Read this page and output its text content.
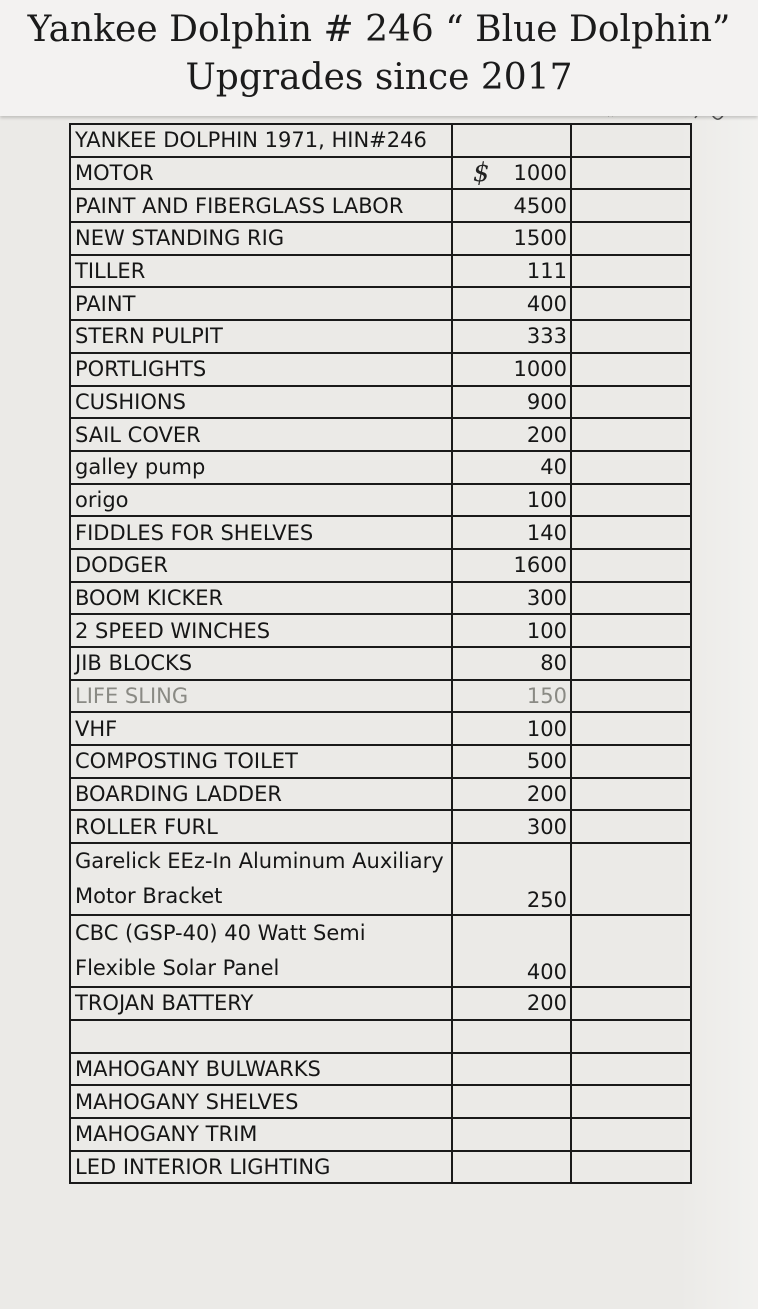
Yankee Dolphin # 246 “ Blue Dolphin”
Upgrades since 2017
YANKEE DOLPHIN 1971, HIN#246		
MOTOR	$ 1000	
PAINT AND FIBERGLASS LABOR	4500	
NEW STANDING RIG	1500	
TILLER	111	
PAINT	400	
STERN PULPIT	333	
PORTLIGHTS	1000	
CUSHIONS	900	
SAIL COVER	200	
galley pump	40	
origo	100	
FIDDLES FOR SHELVES	140	
DODGER	1600	
BOOM KICKER	300	
2 SPEED WINCHES	100	
JIB BLOCKS	80	
LIFE SLING	150	
VHF	100	
COMPOSTING TOILET	500	
BOARDING LADDER	200	
ROLLER FURL	300	
Garelick EEz-In Aluminum Auxiliary Motor Bracket	250	
CBC (GSP-40) 40 Watt Semi Flexible Solar Panel	400	
TROJAN BATTERY	200	

MAHOGANY BULWARKS		
MAHOGANY SHELVES		
MAHOGANY TRIM		
LED INTERIOR LIGHTING		
